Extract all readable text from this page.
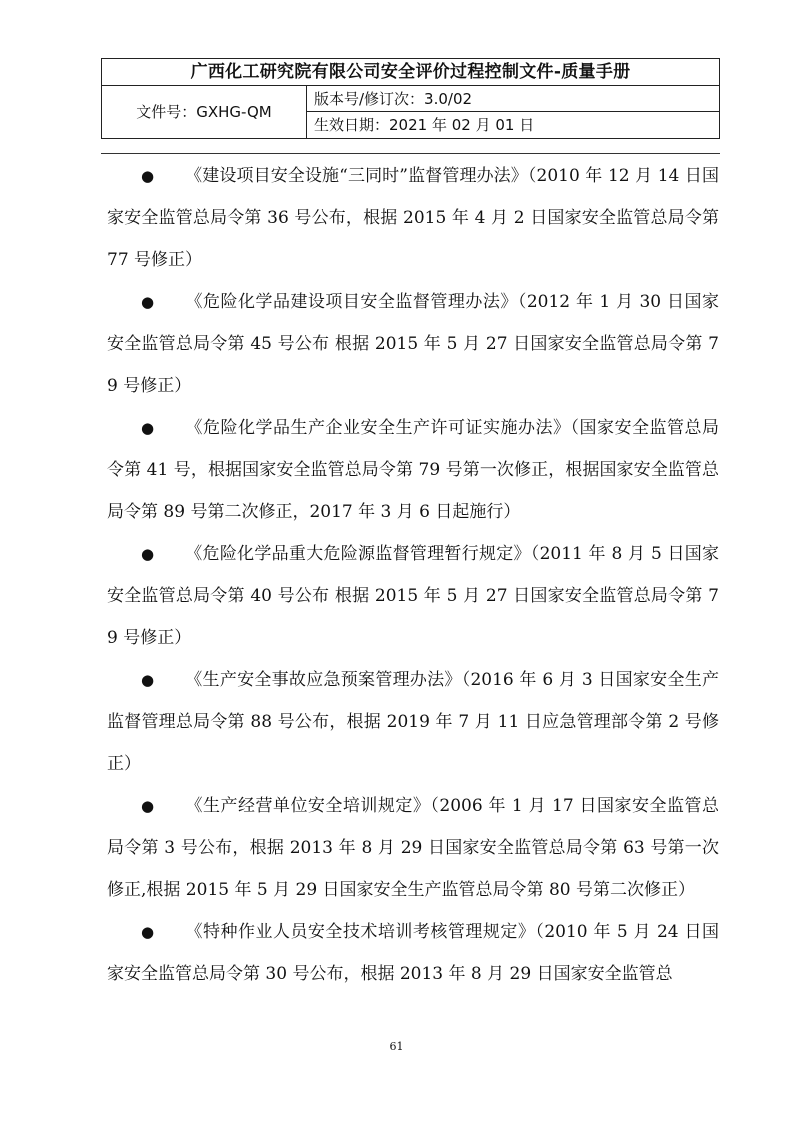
广西化工研究院有限公司安全评价过程控制文件-质量手册
文件号：GXHG-QM
版本号/修订次：3.0/02
生效日期：2021 年 02 月 01 日

● 《建设项目安全设施“三同时”监督管理办法》（2010 年 12 月 14 日国家安全监管总局令第 36 号公布，根据 2015 年 4 月 2 日国家安全监管总局令第 77 号修正）

● 《危险化学品建设项目安全监督管理办法》（2012 年 1 月 30 日国家安全监管总局令第 45 号公布 根据 2015 年 5 月 27 日国家安全监管总局令第 79 号修正）

● 《危险化学品生产企业安全生产许可证实施办法》（国家安全监管总局令第 41 号，根据国家安全监管总局令第 79 号第一次修正，根据国家安全监管总局令第 89 号第二次修正，2017 年 3 月 6 日起施行）

● 《危险化学品重大危险源监督管理暂行规定》（2011 年 8 月 5 日国家安全监管总局令第 40 号公布 根据 2015 年 5 月 27 日国家安全监管总局令第 79 号修正）

● 《生产安全事故应急预案管理办法》（2016 年 6 月 3 日国家安全生产监督管理总局令第 88 号公布，根据 2019 年 7 月 11 日应急管理部令第 2 号修正）

● 《生产经营单位安全培训规定》（2006 年 1 月 17 日国家安全监管总局令第 3 号公布，根据 2013 年 8 月 29 日国家安全监管总局令第 63 号第一次修正,根据 2015 年 5 月 29 日国家安全生产监管总局令第 80 号第二次修正）

● 《特种作业人员安全技术培训考核管理规定》（2010 年 5 月 24 日国家安全监管总局令第 30 号公布，根据 2013 年 8 月 29 日国家安全监管总

61
